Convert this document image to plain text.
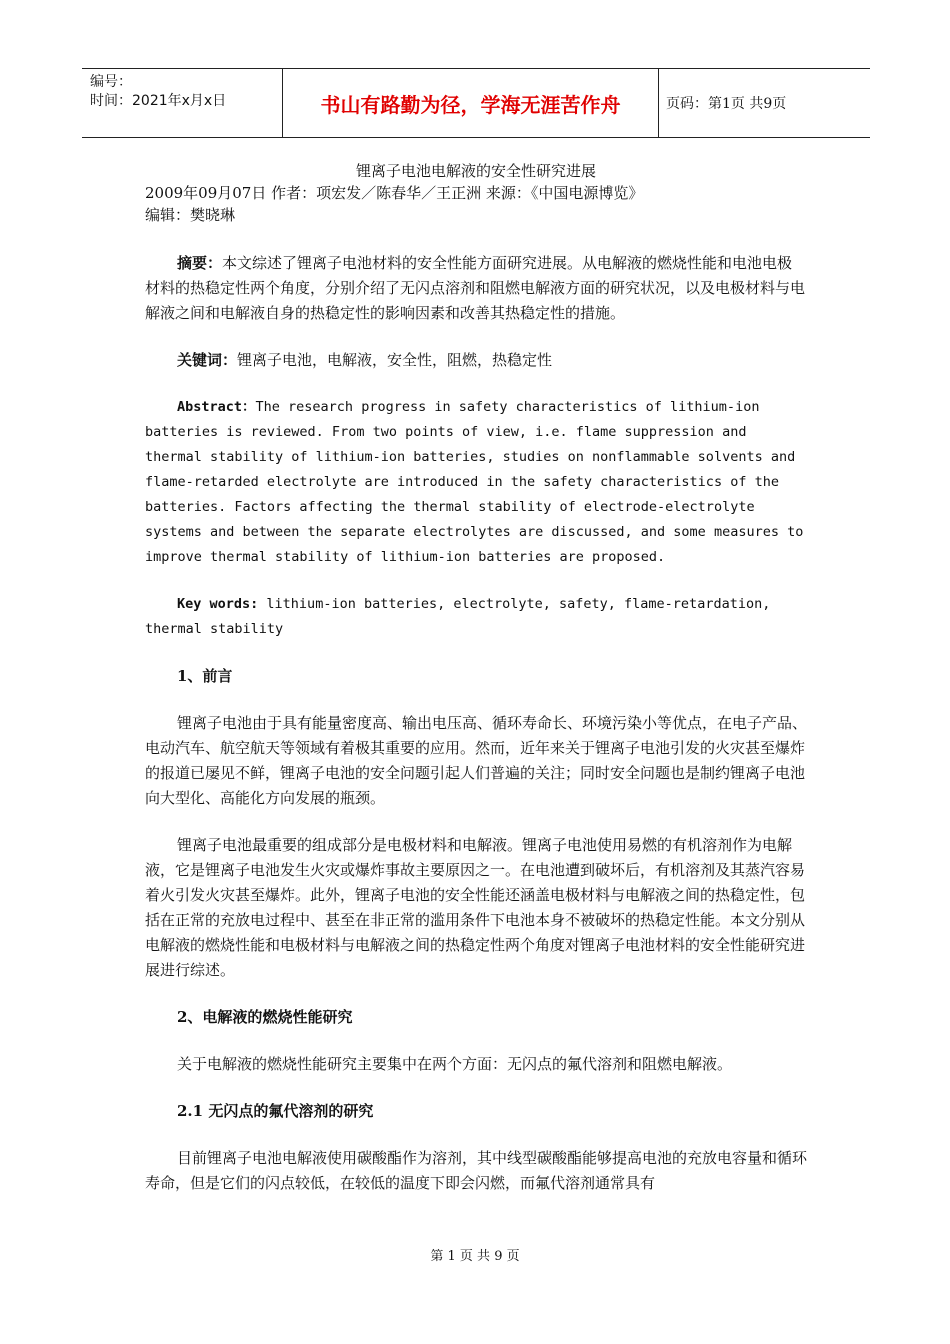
编号：
时间：2021年x月x日	书山有路勤为径，学海无涯苦作舟	页码：第1页 共9页

锂离子电池电解液的安全性研究进展

2009年09月07日 作者：项宏发／陈春华／王正洲 来源：《中国电源博览》

编辑：樊晓琳

摘要：本文综述了锂离子电池材料的安全性能方面研究进展。从电解液的燃烧性能和电池电极材料的热稳定性两个角度，分别介绍了无闪点溶剂和阻燃电解液方面的研究状况，以及电极材料与电解液之间和电解液自身的热稳定性的影响因素和改善其热稳定性的措施。

关键词：锂离子电池，电解液，安全性，阻燃，热稳定性

Abstract：The research progress in safety characteristics of lithium-ion batteries is reviewed. From two points of view, i.e. flame suppression and thermal stability of lithium-ion batteries, studies on nonflammable solvents and flame-retarded electrolyte are introduced in the safety characteristics of the batteries. Factors affecting the thermal stability of electrode-electrolyte systems and between the separate electrolytes are discussed, and some measures to improve thermal stability of lithium-ion batteries are proposed.

Key words: lithium-ion batteries, electrolyte, safety, flame-retardation, thermal stability

1、前言

锂离子电池由于具有能量密度高、输出电压高、循环寿命长、环境污染小等优点，在电子产品、电动汽车、航空航天等领域有着极其重要的应用。然而，近年来关于锂离子电池引发的火灾甚至爆炸的报道已屡见不鲜，锂离子电池的安全问题引起人们普遍的关注；同时安全问题也是制约锂离子电池向大型化、高能化方向发展的瓶颈。

锂离子电池最重要的组成部分是电极材料和电解液。锂离子电池使用易燃的有机溶剂作为电解液，它是锂离子电池发生火灾或爆炸事故主要原因之一。在电池遭到破坏后，有机溶剂及其蒸汽容易着火引发火灾甚至爆炸。此外，锂离子电池的安全性能还涵盖电极材料与电解液之间的热稳定性，包括在正常的充放电过程中、甚至在非正常的滥用条件下电池本身不被破坏的热稳定性能。本文分别从电解液的燃烧性能和电极材料与电解液之间的热稳定性两个角度对锂离子电池材料的安全性能研究进展进行综述。

2、电解液的燃烧性能研究

关于电解液的燃烧性能研究主要集中在两个方面：无闪点的氟代溶剂和阻燃电解液。

2.1 无闪点的氟代溶剂的研究

目前锂离子电池电解液使用碳酸酯作为溶剂，其中线型碳酸酯能够提高电池的充放电容量和循环寿命，但是它们的闪点较低，在较低的温度下即会闪燃，而氟代溶剂通常具有

第 1 页 共 9 页
